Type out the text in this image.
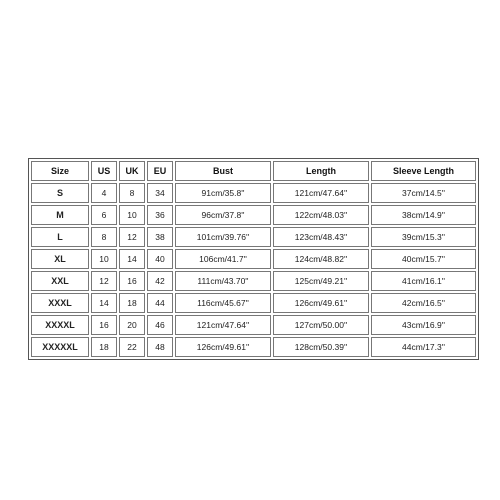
Size	US	UK	EU	Bust	Length	Sleeve Length
S	4	8	34	91cm/35.8''	121cm/47.64''	37cm/14.5''
M	6	10	36	96cm/37.8''	122cm/48.03''	38cm/14.9''
L	8	12	38	101cm/39.76''	123cm/48.43''	39cm/15.3''
XL	10	14	40	106cm/41.7''	124cm/48.82''	40cm/15.7''
XXL	12	16	42	111cm/43.70''	125cm/49.21''	41cm/16.1''
XXXL	14	18	44	116cm/45.67''	126cm/49.61''	42cm/16.5''
XXXXL	16	20	46	121cm/47.64''	127cm/50.00''	43cm/16.9''
XXXXXL	18	22	48	126cm/49.61''	128cm/50.39''	44cm/17.3''
